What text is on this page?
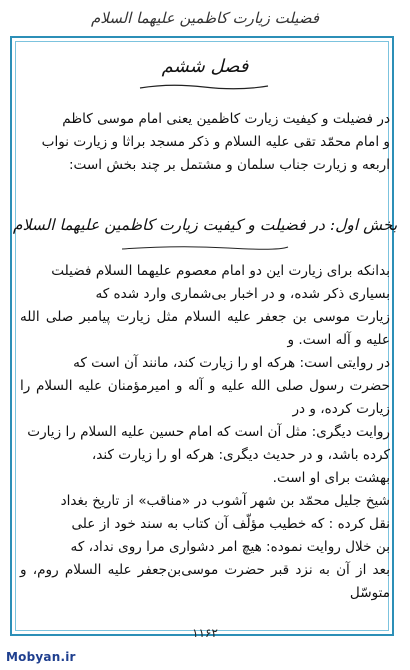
فضیلت زیارت کاظمین علیهما السلام
فصل ششم

در فضیلت و کیفیت زیارت کاظمین یعنی امام موسی کاظم

و امام محمّد تقی علیه السلام و ذکر مسجد براثا و زیارت نواب

اربعه و زیارت جناب سلمان و مشتمل بر چند بخش است:

بخش اول: در فضیلت و کیفیت زیارت کاظمین علیهما السلام

بدانکه برای زیارت این دو امام معصوم علیهما السلام فضیلت

بسیاری ذکر شده، و در اخبار بی‌شماری وارد شده که

زیارت موسی بن جعفر علیه السلام مثل زیارت پیامبر صلی الله علیه و آله است. و

در روایتی است: هرکه او را زیارت کند، مانند آن است که

حضرت رسول صلی الله علیه و آله و امیرمؤمنان علیه السلام را زیارت کرده، و در

روایت دیگری: مثل آن است که امام حسین علیه السلام را زیارت

کرده باشد، و در حدیث دیگری: هرکه او را زیارت کند،

بهشت برای او است.

شیخ جلیل محمّد بن شهر آشوب در «مناقب» از تاریخ بغداد

نقل کرده : که خطیب مؤلّف آن کتاب به سند خود از علی

بن خلال روایت نموده: هیچ امر دشواری مرا روی نداد، که

بعد از آن به نزد قبر حضرت موسی‌بن‌جعفر علیه السلام روم، و متوسّل

۱۱۶۲
Mobyan.ir
